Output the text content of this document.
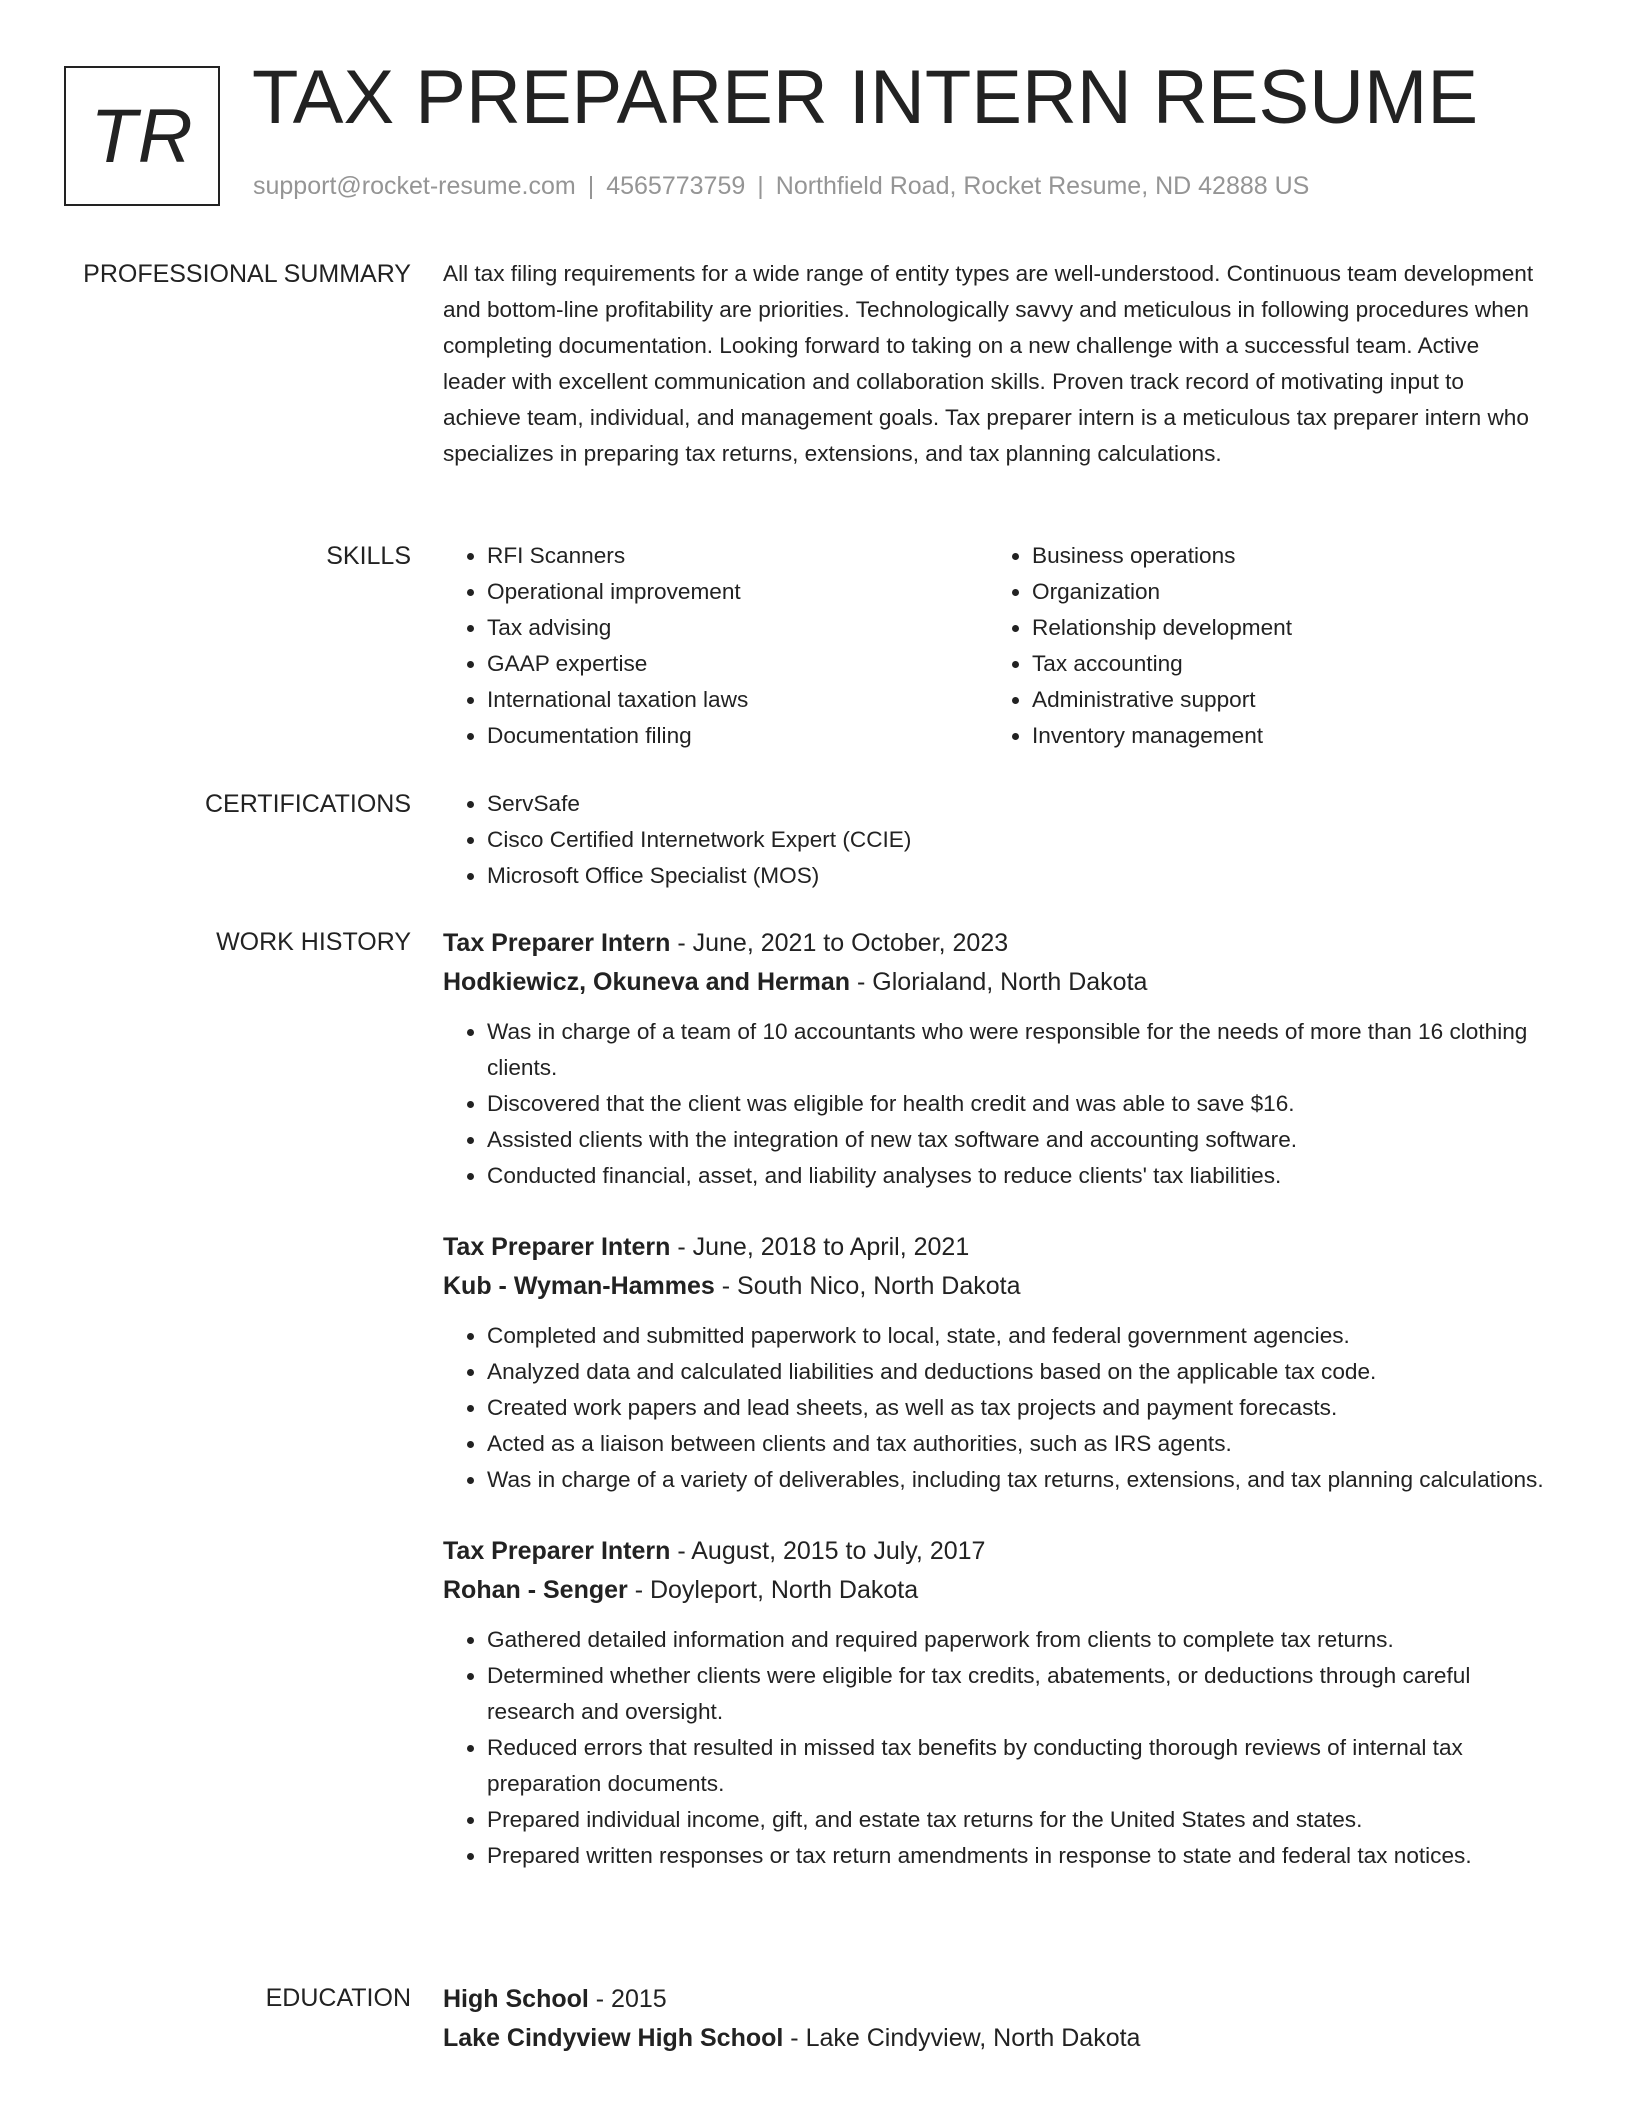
TR TAX PREPARER INTERN RESUME
support@rocket-resume.com | 4565773759 | Northfield Road, Rocket Resume, ND 42888 US
PROFESSIONAL SUMMARY All tax filing requirements for a wide range of entity types are well-understood. Continuous team development and bottom-line profitability are priorities. Technologically savvy and meticulous in following procedures when completing documentation. Looking forward to taking on a new challenge with a successful team. Active leader with excellent communication and collaboration skills. Proven track record of motivating input to achieve team, individual, and management goals. Tax preparer intern is a meticulous tax preparer intern who specializes in preparing tax returns, extensions, and tax planning calculations.

SKILLS	• RFI Scanners
• Operational improvement
• Tax advising
• GAAP expertise
• International taxation laws
• Documentation filing
• Business operations
• Organization
• Relationship development
• Tax accounting
• Administrative support
• Inventory management
CERTIFICATIONS	• ServSafe
• Cisco Certified Internetwork Expert (CCIE)
• Microsoft Office Specialist (MOS)
WORK HISTORY Tax Preparer Intern - June, 2021 to October, 2023
Hodkiewicz, Okuneva and Herman - Glorialand, North Dakota
• Was in charge of a team of 10 accountants who were responsible for the needs of more than 16 clothing clients.
• Discovered that the client was eligible for health credit and was able to save $16.
• Assisted clients with the integration of new tax software and accounting software.
• Conducted financial, asset, and liability analyses to reduce clients' tax liabilities.
Tax Preparer Intern - June, 2018 to April, 2021
Kub - Wyman-Hammes - South Nico, North Dakota
• Completed and submitted paperwork to local, state, and federal government agencies.
• Analyzed data and calculated liabilities and deductions based on the applicable tax code.
• Created work papers and lead sheets, as well as tax projects and payment forecasts.
• Acted as a liaison between clients and tax authorities, such as IRS agents.
• Was in charge of a variety of deliverables, including tax returns, extensions, and tax planning calculations.
Tax Preparer Intern - August, 2015 to July, 2017
Rohan - Senger - Doyleport, North Dakota
• Gathered detailed information and required paperwork from clients to complete tax returns.
• Determined whether clients were eligible for tax credits, abatements, or deductions through careful research and oversight.
• Reduced errors that resulted in missed tax benefits by conducting thorough reviews of internal tax preparation documents.
• Prepared individual income, gift, and estate tax returns for the United States and states.
• Prepared written responses or tax return amendments in response to state and federal tax notices.
EDUCATION High School - 2015
Lake Cindyview High School - Lake Cindyview, North Dakota
